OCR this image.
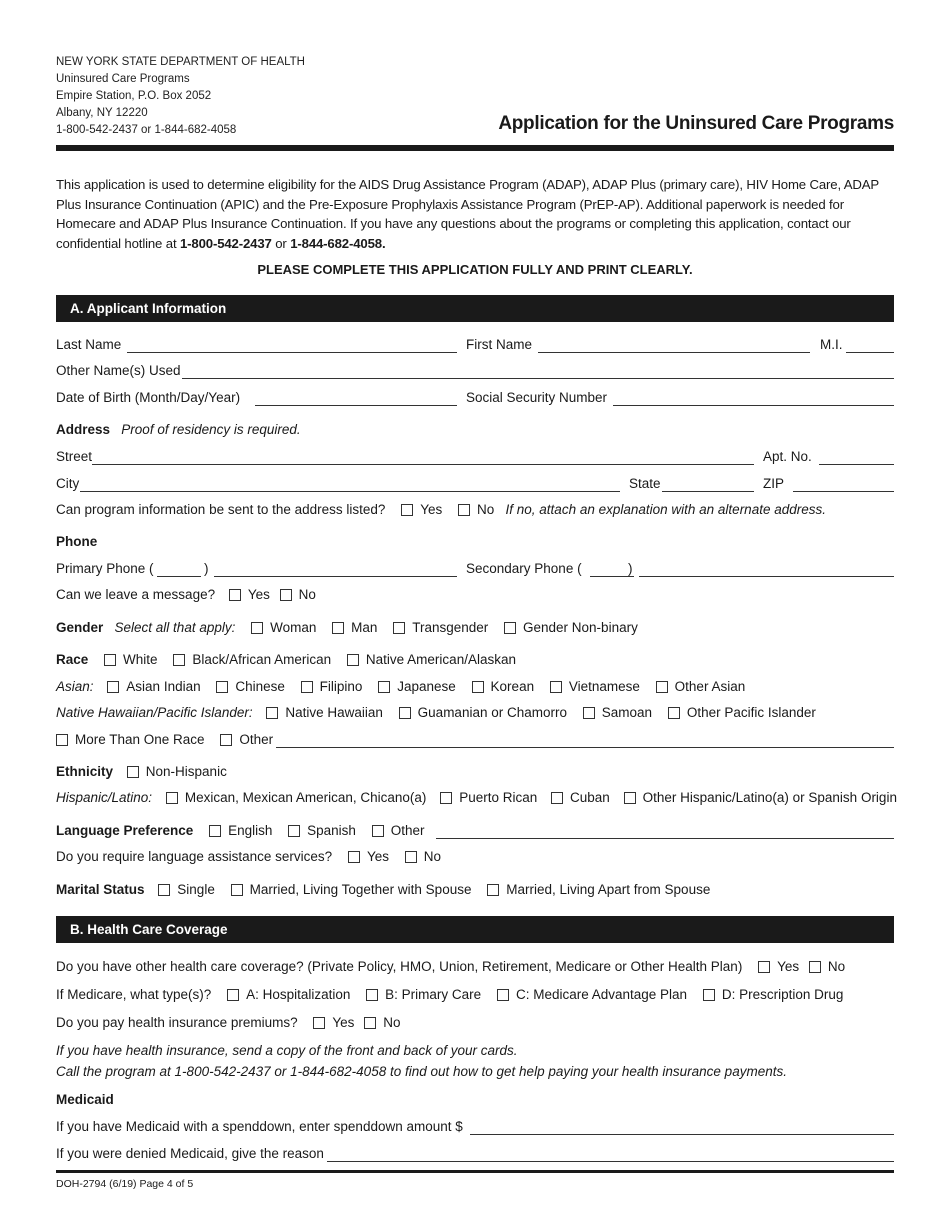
NEW YORK STATE DEPARTMENT OF HEALTH
Uninsured Care Programs
Empire Station, P.O. Box 2052
Albany, NY 12220
1-800-542-2437 or 1-844-682-4058	Application for the Uninsured Care Programs
This application is used to determine eligibility for the AIDS Drug Assistance Program (ADAP), ADAP Plus (primary care), HIV Home Care, ADAP Plus Insurance Continuation (APIC) and the Pre-Exposure Prophylaxis Assistance Program (PrEP-AP). Additional paperwork is needed for Homecare and ADAP Plus Insurance Continuation. If you have any questions about the programs or completing this application, contact our confidential hotline at 1-800-542-2437 or 1-844-682-4058.
PLEASE COMPLETE THIS APPLICATION FULLY AND PRINT CLEARLY.
A. Applicant Information
Last Name	First Name	M.I.
Other Name(s) Used
Date of Birth (Month/Day/Year)	Social Security Number
Address Proof of residency is required.
Street	Apt. No.
City	State	ZIP
Can program information be sent to the address listed?	Yes	No If no, attach an explanation with an alternate address.
Phone
Primary Phone (	)	Secondary Phone (	)
Can we leave a message? Yes No
Gender Select all that apply:	Woman	Man	Transgender	Gender Non-binary
Race	White	Black/African American	Native American/Alaskan
Asian: Asian Indian	Chinese	Filipino	Japanese	Korean	Vietnamese	Other Asian
Native Hawaiian/Pacific Islander: Native Hawaiian	Guamanian or Chamorro	Samoan	Other Pacific Islander
More Than One Race	Other
Ethnicity Non-Hispanic
Hispanic/Latino: Mexican, Mexican American, Chicano(a) Puerto Rican Cuban Other Hispanic/Latino(a) or Spanish Origin
Language Preference	English	Spanish	Other
Do you require language assistance services?	Yes	No
Marital Status Single	Married, Living Together with Spouse	Married, Living Apart from Spouse
B. Health Care Coverage
Do you have other health care coverage? (Private Policy, HMO, Union, Retirement, Medicare or Other Health Plan)	Yes No
If Medicare, what type(s)?	A: Hospitalization	B: Primary Care	C: Medicare Advantage Plan	D: Prescription Drug
Do you pay health insurance premiums?	Yes No
If you have health insurance, send a copy of the front and back of your cards.
Call the program at 1-800-542-2437 or 1-844-682-4058 to find out how to get help paying your health insurance payments.
Medicaid
If you have Medicaid with a spenddown, enter spenddown amount $
If you were denied Medicaid, give the reason
DOH-2794 (6/19) Page 4 of 5
